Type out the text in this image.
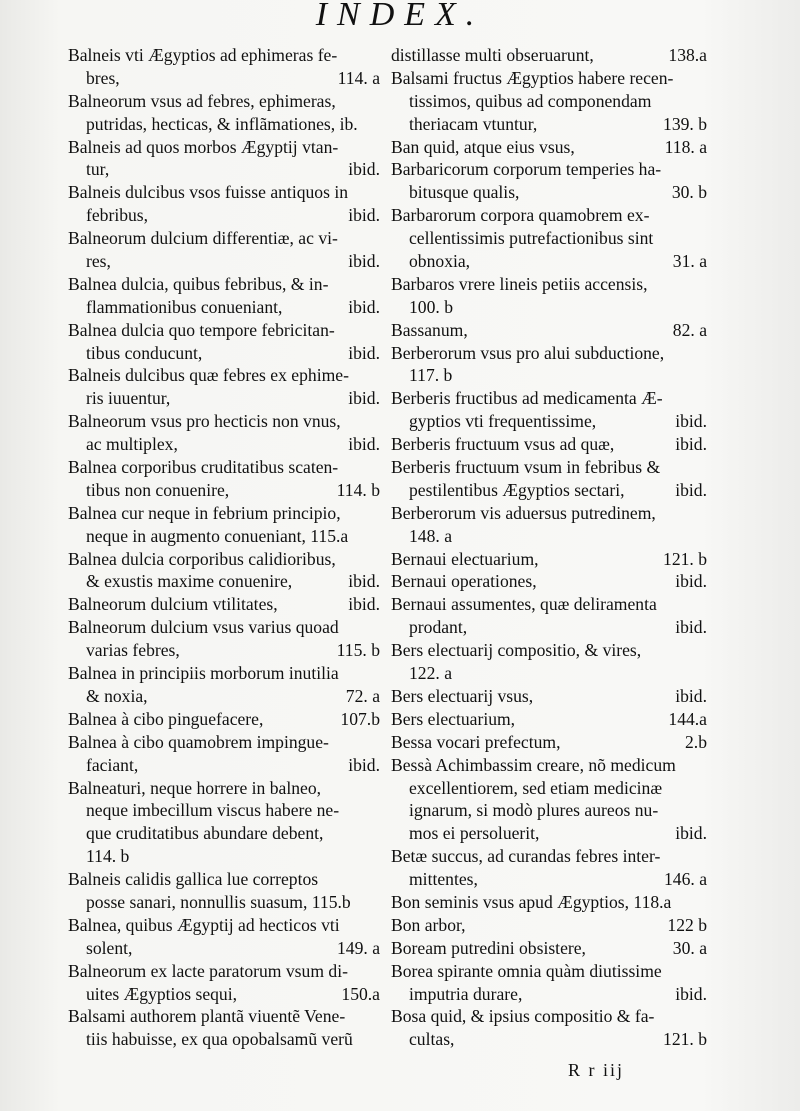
INDEX.
Balneis vti Ægyptios ad ephimeras fe-
bres,	114. a
Balneorum vsus ad febres, ephimeras,
putridas, hecticas, & inflãmationes, ib.
Balneis ad quos morbos Ægyptij vtan-
tur,	ibid.
Balneis dulcibus vsos fuisse antiquos in
febribus,	ibid.
Balneorum dulcium differentiæ, ac vi-
res,	ibid.
Balnea dulcia, quibus febribus, & in-
flammationibus conueniant,	ibid.
Balnea dulcia quo tempore febricitan-
tibus conducunt,	ibid.
Balneis dulcibus quæ febres ex ephime-
ris iuuentur,	ibid.
Balneorum vsus pro hecticis non vnus,
ac multiplex,	ibid.
Balnea corporibus cruditatibus scaten-
tibus non conuenire,	114. b
Balnea cur neque in febrium principio,
neque in augmento conueniant, 115.a
Balnea dulcia corporibus calidioribus,
& exustis maxime conuenire,	ibid.
Balneorum dulcium vtilitates,	ibid.
Balneorum dulcium vsus varius quoad
varias febres,	115. b
Balnea in principiis morborum inutilia
& noxia,	72. a
Balnea à cibo pinguefacere,	107.b
Balnea à cibo quamobrem impingue-
faciant,	ibid.
Balneaturi, neque horrere in balneo,
neque imbecillum viscus habere ne-
que cruditatibus abundare debent,
114. b
Balneis calidis gallica lue correptos
posse sanari, nonnullis suasum, 115.b
Balnea, quibus Ægyptij ad hecticos vti
solent,	149. a
Balneorum ex lacte paratorum vsum di-
uites Ægyptios sequi,	150.a
Balsami authorem plantã viuentẽ Vene-
tiis habuisse, ex qua opobalsamũ verũ
distillasse multi obseruarunt,	138.a
Balsami fructus Ægyptios habere recen-
tissimos, quibus ad componendam
theriacam vtuntur,	139. b
Ban quid, atque eius vsus,	118. a
Barbaricorum corporum temperies ha-
bitusque qualis,	30. b
Barbarorum corpora quamobrem ex-
cellentissimis putrefactionibus sint
obnoxia,	31. a
Barbaros vrere lineis petiis accensis,
100. b
Bassanum,	82. a
Berberorum vsus pro alui subductione,
117. b
Berberis fructibus ad medicamenta Æ-
gyptios vti frequentissime,	ibid.
Berberis fructuum vsus ad quæ,	ibid.
Berberis fructuum vsum in febribus &
pestilentibus Ægyptios sectari,	ibid.
Berberorum vis aduersus putredinem,
148. a
Bernaui electuarium,	121. b
Bernaui operationes,	ibid.
Bernaui assumentes, quæ deliramenta
prodant,	ibid.
Bers electuarij compositio, & vires,
122. a
Bers electuarij vsus,	ibid.
Bers electuarium,	144.a
Bessa vocari prefectum,	2.b
Bessà Achimbassim creare, nõ medicum
excellentiorem, sed etiam medicinæ
ignarum, si modò plures aureos nu-
mos ei persoluerit,	ibid.
Betæ succus, ad curandas febres inter-
mittentes,	146. a
Bon seminis vsus apud Ægyptios, 118.a
Bon arbor,	122 b
Boream putredini obsistere,	30. a
Borea spirante omnia quàm diutissime
imputria durare,	ibid.
Bosa quid, & ipsius compositio & fa-
cultas,	121. b
R r iij
